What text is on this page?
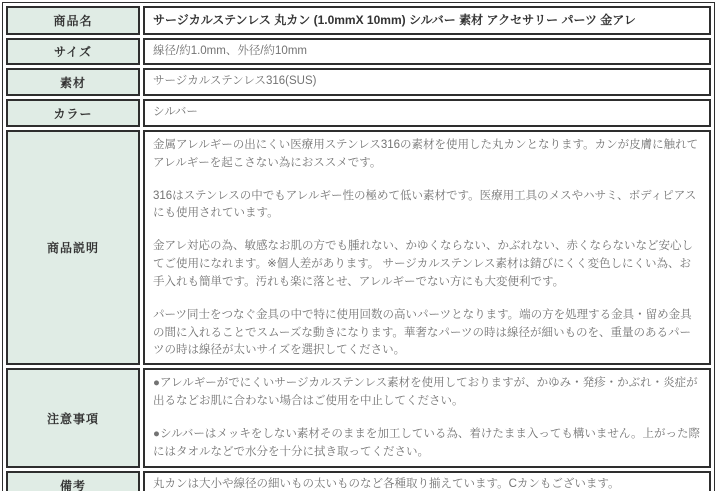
商品名	サージカルステンレス 丸カン (1.0mmX 10mm) シルバー 素材 アクセサリー パーツ 金アレ

サイズ	線径/約1.0mm、外径/約10mm

素材	サージカルステンレス316(SUS)

カラー	シルバー

商品説明	金属アレルギーの出にくい医療用ステンレス316の素材を使用した丸カンとなります。カンが皮膚に触れてアレルギーを起こさない為におススメです。

316はステンレスの中でもアレルギー性の極めて低い素材です。医療用工具のメスやハサミ、ボディピアスにも使用されています。

金アレ対応の為、敏感なお肌の方でも腫れない、かゆくならない、かぶれない、赤くならないなど安心してご使用になれます。※個人差があります。 サージカルステンレス素材は錆びにくく変色しにくい為、お手入れも簡単です。汚れも楽に落とせ、アレルギーでない方にも大変便利です。

パーツ同士をつなぐ金具の中で特に使用回数の高いパーツとなります。端の方を処理する金具・留め金具の間に入れることでスムーズな動きになります。華奢なパーツの時は線径が細いものを、重量のあるパーツの時は線径が太いサイズを選択してください。

注意事項	●アレルギーがでにくいサージカルステンレス素材を使用しておりますが、かゆみ・発疹・かぶれ・炎症が出るなどお肌に合わない場合はご使用を中止してください。

●シルバーはメッキをしない素材そのままを加工している為、着けたまま入っても構いません。上がった際にはタオルなどで水分を十分に拭き取ってください。

備考	丸カンは大小や線径の細いもの太いものなど各種取り揃えています。Cカンもございます。
